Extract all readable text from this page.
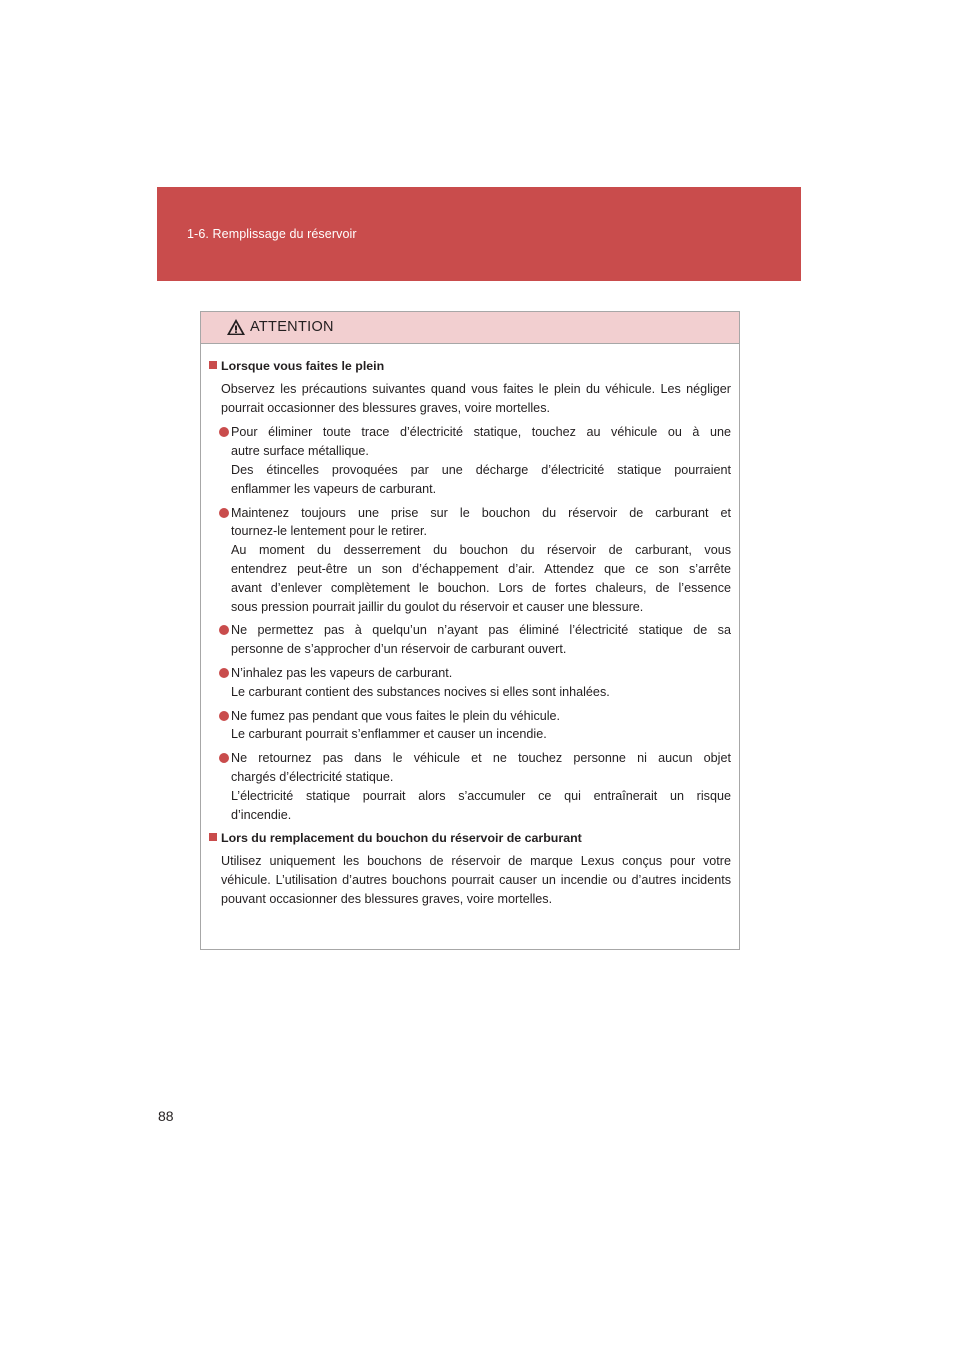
1-6. Remplissage du réservoir
ATTENTION
Lorsque vous faites le plein
Observez les précautions suivantes quand vous faites le plein du véhicule. Les négliger pourrait occasionner des blessures graves, voire mortelles.
Pour éliminer toute trace d’électricité statique, touchez au véhicule ou à une
autre surface métallique.
Des étincelles provoquées par une décharge d’électricité statique pourraient
enflammer les vapeurs de carburant.
Maintenez toujours une prise sur le bouchon du réservoir de carburant et
tournez-le lentement pour le retirer.
Au moment du desserrement du bouchon du réservoir de carburant, vous
entendrez peut-être un son d’échappement d’air. Attendez que ce son s’arrête
avant d’enlever complètement le bouchon. Lors de fortes chaleurs, de l’essence
sous pression pourrait jaillir du goulot du réservoir et causer une blessure.
Ne permettez pas à quelqu’un n’ayant pas éliminé l’électricité statique de sa
personne de s’approcher d’un réservoir de carburant ouvert.
N’inhalez pas les vapeurs de carburant.
Le carburant contient des substances nocives si elles sont inhalées.
Ne fumez pas pendant que vous faites le plein du véhicule.
Le carburant pourrait s’enflammer et causer un incendie.
Ne retournez pas dans le véhicule et ne touchez personne ni aucun objet
chargés d’électricité statique.
L’électricité statique pourrait alors s’accumuler ce qui entraînerait un risque
d’incendie.
Lors du remplacement du bouchon du réservoir de carburant
Utilisez uniquement les bouchons de réservoir de marque Lexus conçus pour votre véhicule. L’utilisation d’autres bouchons pourrait causer un incendie ou d’autres incidents pouvant occasionner des blessures graves, voire mortelles.
88
